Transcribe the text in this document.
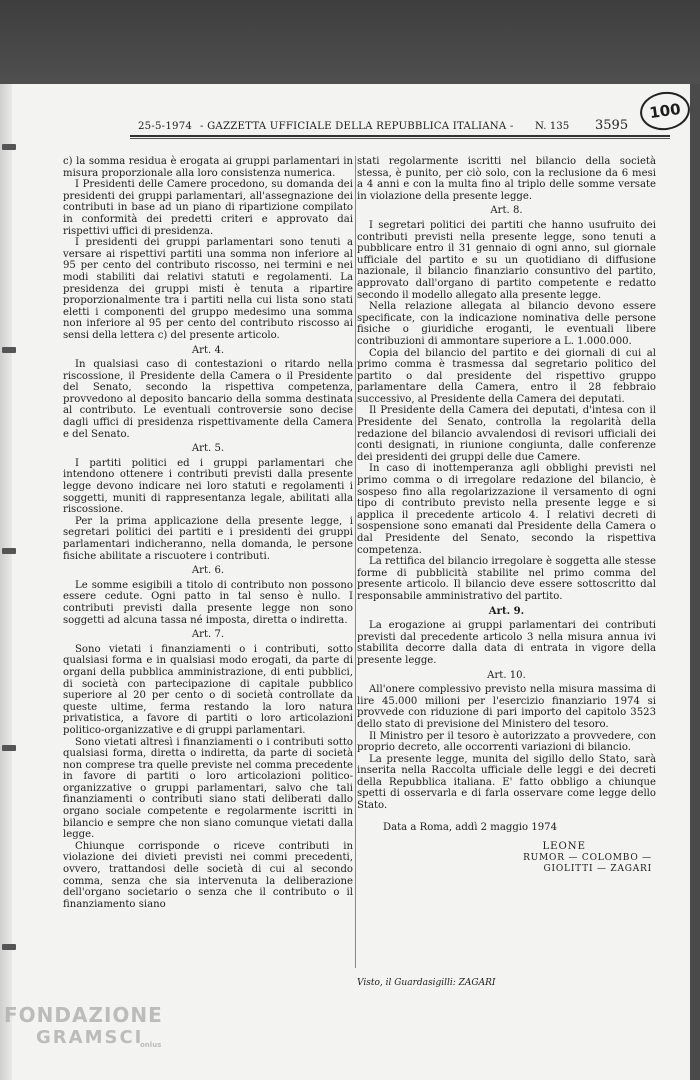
25-5-1974 - GAZZETTA UFFICIALE DELLA REPUBBLICA ITALIANA - N. 135 3595
100

c) la somma residua è erogata ai gruppi parlamentari in misura proporzionale alla loro consistenza numerica.

I Presidenti delle Camere procedono, su domanda dei presidenti dei gruppi parlamentari, all'assegnazione dei contributi in base ad un piano di ripartizione compilato in conformità dei predetti criteri e approvato dai rispettivi uffici di presidenza.

I presidenti dei gruppi parlamentari sono tenuti a versare ai rispettivi partiti una somma non inferiore al 95 per cento del contributo riscosso, nei termini e nei modi stabiliti dai relativi statuti e regolamenti. La presidenza dei gruppi misti è tenuta a ripartire proporzionalmente tra i partiti nella cui lista sono stati eletti i componenti del gruppo medesimo una somma non inferiore al 95 per cento del contributo riscosso ai sensi della lettera c) del presente articolo.

Art. 4.

In qualsiasi caso di contestazioni o ritardo nella riscossione, il Presidente della Camera o il Presidente del Senato, secondo la rispettiva competenza, provvedono al deposito bancario della somma destinata al contributo. Le eventuali controversie sono decise dagli uffici di presidenza rispettivamente della Camera e del Senato.

Art. 5.

I partiti politici ed i gruppi parlamentari che intendono ottenere i contributi previsti dalla presente legge devono indicare nei loro statuti e regolamenti i soggetti, muniti di rappresentanza legale, abilitati alla riscossione.

Per la prima applicazione della presente legge, i segretari politici dei partiti e i presidenti dei gruppi parlamentari indicheranno, nella domanda, le persone fisiche abilitate a riscuotere i contributi.

Art. 6.

Le somme esigibili a titolo di contributo non possono essere cedute. Ogni patto in tal senso è nullo. I contributi previsti dalla presente legge non sono soggetti ad alcuna tassa né imposta, diretta o indiretta.

Art. 7.

Sono vietati i finanziamenti o i contributi, sotto qualsiasi forma e in qualsiasi modo erogati, da parte di organi della pubblica amministrazione, di enti pubblici, di società con partecipazione di capitale pubblico superiore al 20 per cento o di società controllate da queste ultime, ferma restando la loro natura privatistica, a favore di partiti o loro articolazioni politico-organizzative e di gruppi parlamentari.

Sono vietati altresì i finanziamenti o i contributi sotto qualsiasi forma, diretta o indiretta, da parte di società non comprese tra quelle previste nel comma precedente in favore di partiti o loro articolazioni politico-organizzative o gruppi parlamentari, salvo che tali finanziamenti o contributi siano stati deliberati dallo organo sociale competente e regolarmente iscritti in bilancio e sempre che non siano comunque vietati dalla legge.

Chiunque corrisponde o riceve contributi in violazione dei divieti previsti nei commi precedenti, ovvero, trattandosi delle società di cui al secondo comma, senza che sia intervenuta la deliberazione dell'organo societario o senza che il contributo o il finanziamento siano

stati regolarmente iscritti nel bilancio della società stessa, è punito, per ciò solo, con la reclusione da 6 mesi a 4 anni e con la multa fino al triplo delle somme versate in violazione della presente legge.

Art. 8.

I segretari politici dei partiti che hanno usufruito dei contributi previsti nella presente legge, sono tenuti a pubblicare entro il 31 gennaio di ogni anno, sul giornale ufficiale del partito e su un quotidiano di diffusione nazionale, il bilancio finanziario consuntivo del partito, approvato dall'organo di partito competente e redatto secondo il modello allegato alla presente legge.

Nella relazione allegata al bilancio devono essere specificate, con la indicazione nominativa delle persone fisiche o giuridiche eroganti, le eventuali libere contribuzioni di ammontare superiore a L. 1.000.000.

Copia del bilancio del partito e dei giornali di cui al primo comma è trasmessa dal segretario politico del partito o dal presidente del rispettivo gruppo parlamentare della Camera, entro il 28 febbraio successivo, al Presidente della Camera dei deputati.

Il Presidente della Camera dei deputati, d'intesa con il Presidente del Senato, controlla la regolarità della redazione del bilancio avvalendosi di revisori ufficiali dei conti designati, in riunione congiunta, dalle conferenze dei presidenti dei gruppi delle due Camere.

In caso di inottemperanza agli obblighi previsti nel primo comma o di irregolare redazione del bilancio, è sospeso fino alla regolarizzazione il versamento di ogni tipo di contributo previsto nella presente legge e si applica il precedente articolo 4. I relativi decreti di sospensione sono emanati dal Presidente della Camera o dal Presidente del Senato, secondo la rispettiva competenza.

La rettifica del bilancio irregolare è soggetta alle stesse forme di pubblicità stabilite nel primo comma del presente articolo. Il bilancio deve essere sottoscritto dal responsabile amministrativo del partito.

Art. 9.

La erogazione ai gruppi parlamentari dei contributi previsti dal precedente articolo 3 nella misura annua ivi stabilita decorre dalla data di entrata in vigore della presente legge.

Art. 10.

All'onere complessivo previsto nella misura massima di lire 45.000 milioni per l'esercizio finanziario 1974 si provvede con riduzione di pari importo del capitolo 3523 dello stato di previsione del Ministero del tesoro.

Il Ministro per il tesoro è autorizzato a provvedere, con proprio decreto, alle occorrenti variazioni di bilancio.

La presente legge, munita del sigillo dello Stato, sarà inserita nella Raccolta ufficiale delle leggi e dei decreti della Repubblica italiana. E' fatto obbligo a chiunque spetti di osservarla e di farla osservare come legge dello Stato.

Data a Roma, addì 2 maggio 1974
LEONE
RUMOR — COLOMBO —
GIOLITTI — ZAGARI
Visto, il Guardasigilli: ZAGARI
FONDAZIONE
GRAMSCI
onlus
